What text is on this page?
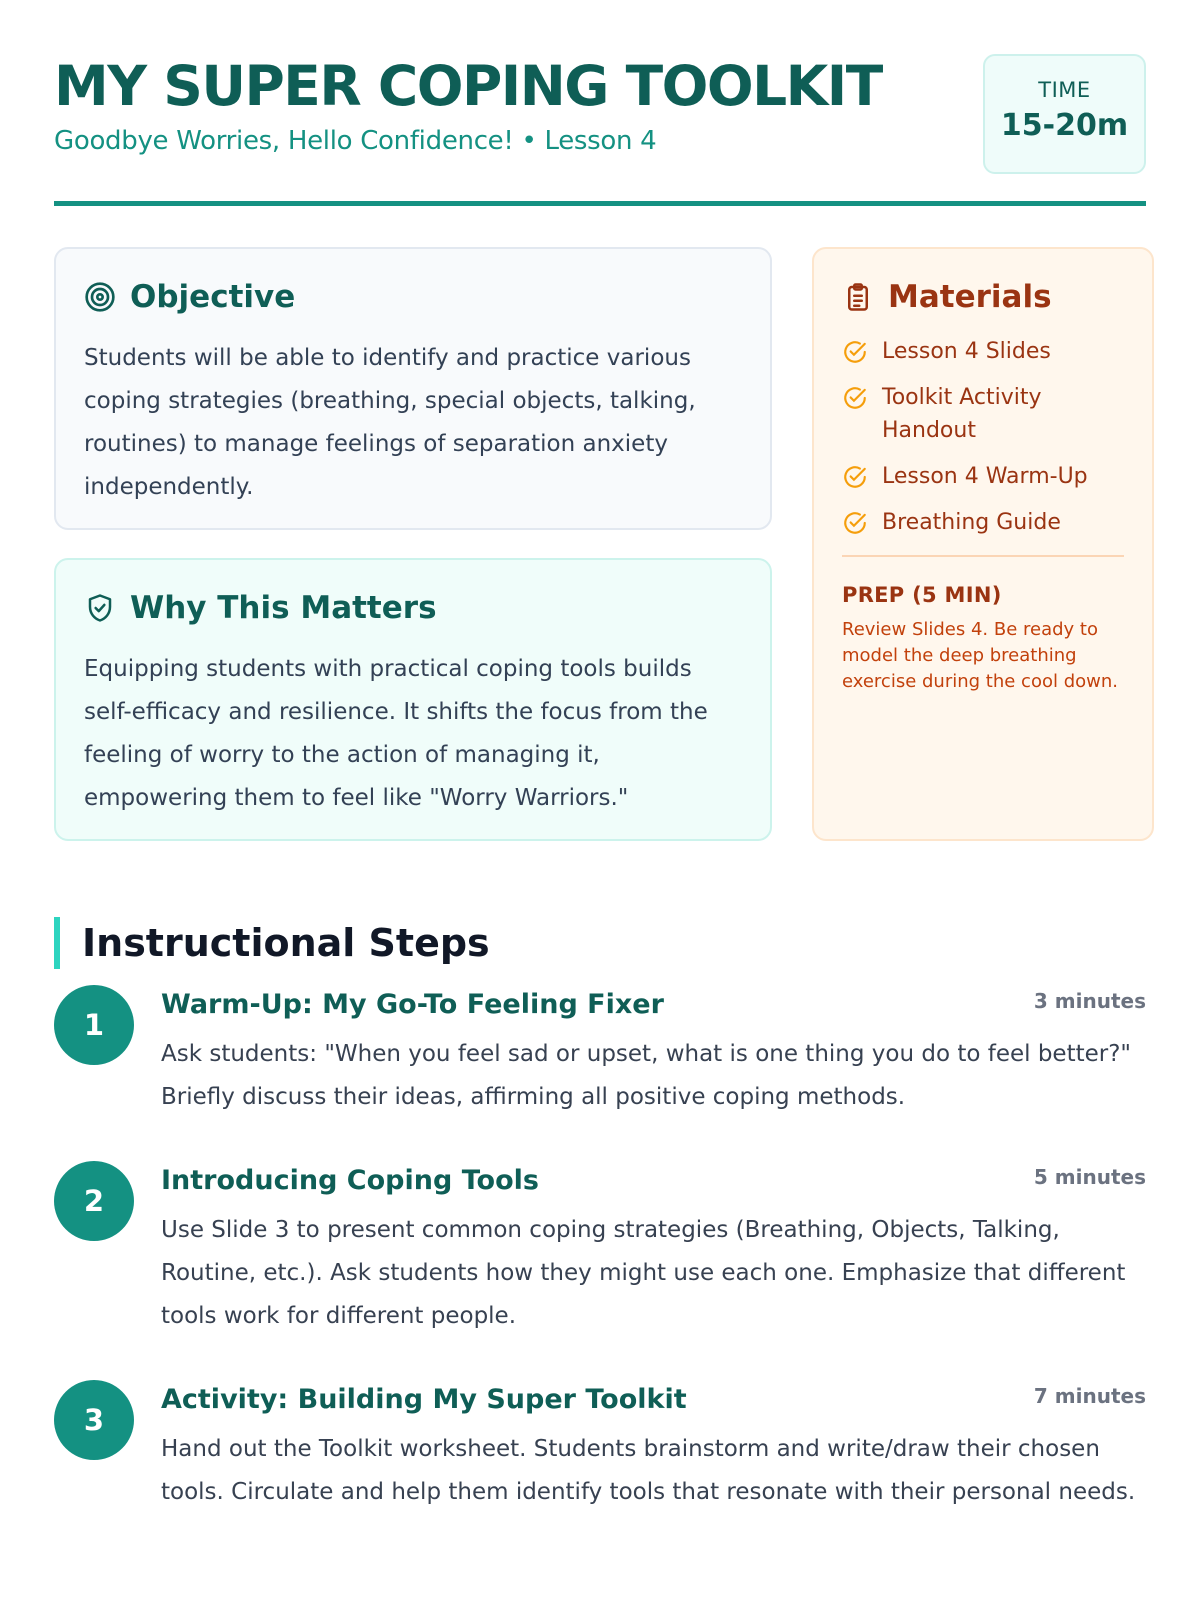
MY SUPER COPING TOOLKIT
Goodbye Worries, Hello Confidence! • Lesson 4
TIME
15-20m
Objective

Students will be able to identify and practice various coping strategies (breathing, special objects, talking, routines) to manage feelings of separation anxiety independently.

Why This Matters

Equipping students with practical coping tools builds self-efficacy and resilience. It shifts the focus from the feeling of worry to the action of managing it, empowering them to feel like "Worry Warriors."

Materials
Lesson 4 Slides
Toolkit Activity Handout
Lesson 4 Warm-Up
Breathing Guide
PREP (5 MIN)
Review Slides 4. Be ready to model the deep breathing exercise during the cool down.
Instructional Steps
1
Warm-Up: My Go-To Feeling Fixer	3 minutes
Ask students: "When you feel sad or upset, what is one thing you do to feel better?" Briefly discuss their ideas, affirming all positive coping methods.
2
Introducing Coping Tools	5 minutes
Use Slide 3 to present common coping strategies (Breathing, Objects, Talking, Routine, etc.). Ask students how they might use each one. Emphasize that different tools work for different people.
3
Activity: Building My Super Toolkit	7 minutes
Hand out the Toolkit worksheet. Students brainstorm and write/draw their chosen tools. Circulate and help them identify tools that resonate with their personal needs.
